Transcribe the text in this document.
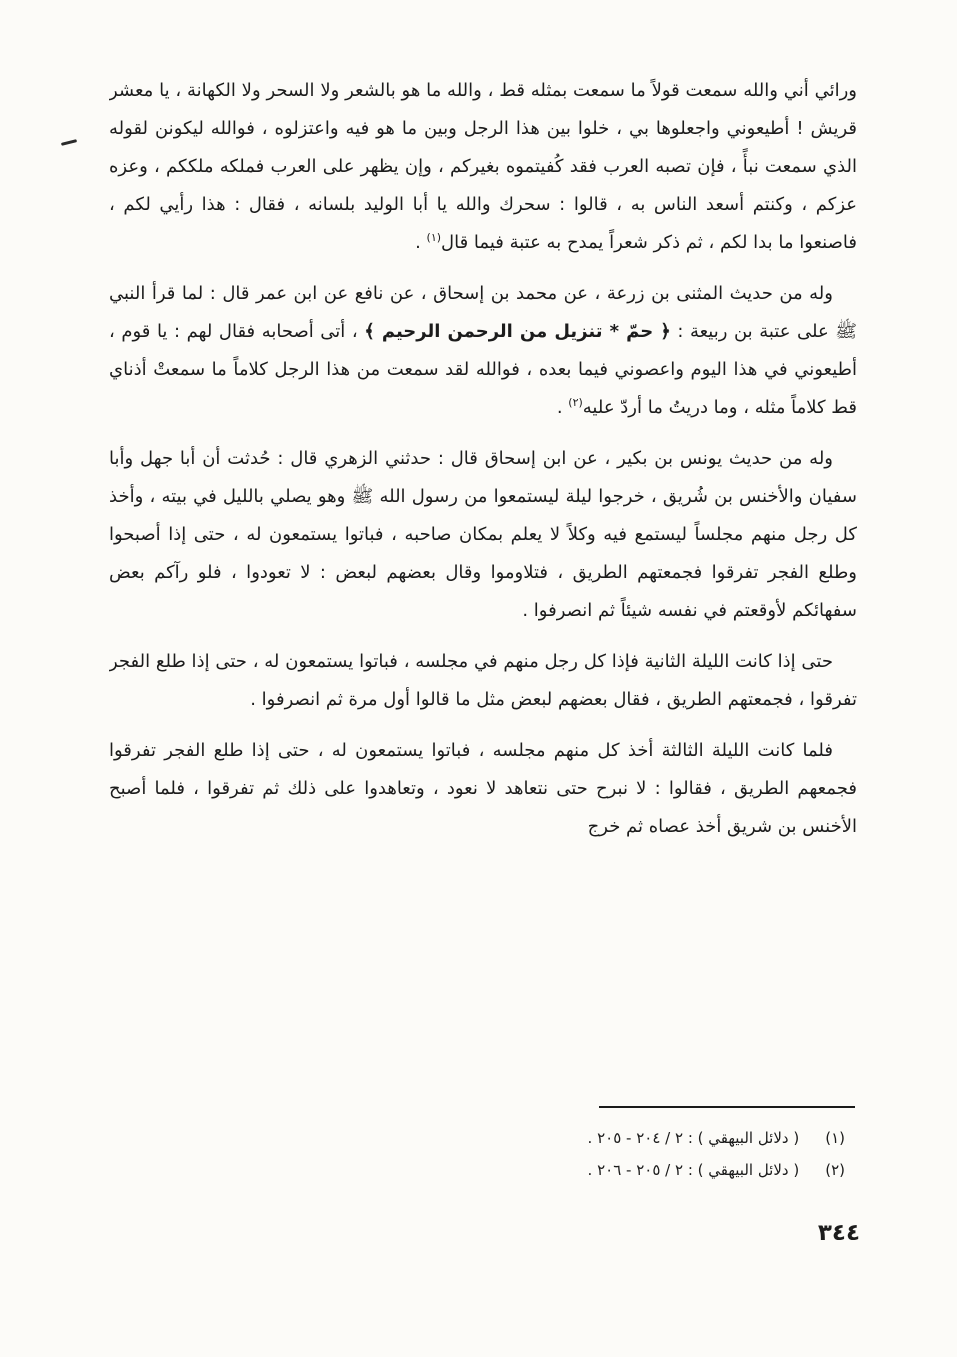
ورائي أني والله سمعت قولاً ما سمعت بمثله قط ، والله ما هو بالشعر ولا السحر ولا الكهانة ، يا معشر قريش ! أطيعوني واجعلوها بي ، خلوا بين هذا الرجل وبين ما هو فيه واعتزلوه ، فوالله ليكونن لقوله الذي سمعت نبأً ، فإن تصبه العرب فقد كُفيتموه بغيركم ، وإن يظهر على العرب فملكه ملككم ، وعزه عزكم ، وكنتم أسعد الناس به ، قالوا : سحرك والله يا أبا الوليد بلسانه ، فقال : هذا رأيي لكم ، فاصنعوا ما بدا لكم ، ثم ذكر شعراً يمدح به عتبة فيما قال$^{(١)}$ .

وله من حديث المثنى بن زرعة ، عن محمد بن إسحاق ، عن نافع عن ابن عمر قال : لما قرأ النبي ﷺ على عتبة بن ربيعة : ﴿ حمّ * تنزيل من الرحمن الرحيم ﴾ ، أتى أصحابه فقال لهم : يا قوم ، أطيعوني في هذا اليوم واعصوني فيما بعده ، فوالله لقد سمعت من هذا الرجل كلاماً ما سمعتْ أذناي قط كلاماً مثله ، وما دريتُ ما أردّ عليه$^{(٢)}$ .

وله من حديث يونس بن بكير ، عن ابن إسحاق قال : حدثني الزهري قال : حُدثت أن أبا جهل وأبا سفيان والأخنس بن شُريق ، خرجوا ليلة ليستمعوا من رسول الله ﷺ وهو يصلي بالليل في بيته ، وأخذ كل رجل منهم مجلساً ليستمع فيه وكلاً لا يعلم بمكان صاحبه ، فباتوا يستمعون له ، حتى إذا أصبحوا وطلع الفجر تفرقوا فجمعتهم الطريق ، فتلاوموا وقال بعضهم لبعض : لا تعودوا ، فلو رآكم بعض سفهائكم لأوقعتم في نفسه شيئاً ثم انصرفوا .

حتى إذا كانت الليلة الثانية فإذا كل رجل منهم في مجلسه ، فباتوا يستمعون له ، حتى إذا طلع الفجر تفرقوا ، فجمعتهم الطريق ، فقال بعضهم لبعض مثل ما قالوا أول مرة ثم انصرفوا .

فلما كانت الليلة الثالثة أخذ كل منهم مجلسه ، فباتوا يستمعون له ، حتى إذا طلع الفجر تفرقوا فجمعهم الطريق ، فقالوا : لا نبرح حتى نتعاهد لا نعود ، وتعاهدوا على ذلك ثم تفرقوا ، فلما أصبح الأخنس بن شريق أخذ عصاه ثم خرج

(١)
( دلائل البيهقي ) : ٢ / ٢٠٤ - ٢٠٥ .
(٢)
( دلائل البيهقي ) : ٢ / ٢٠٥ - ٢٠٦ .
٣٤٤
